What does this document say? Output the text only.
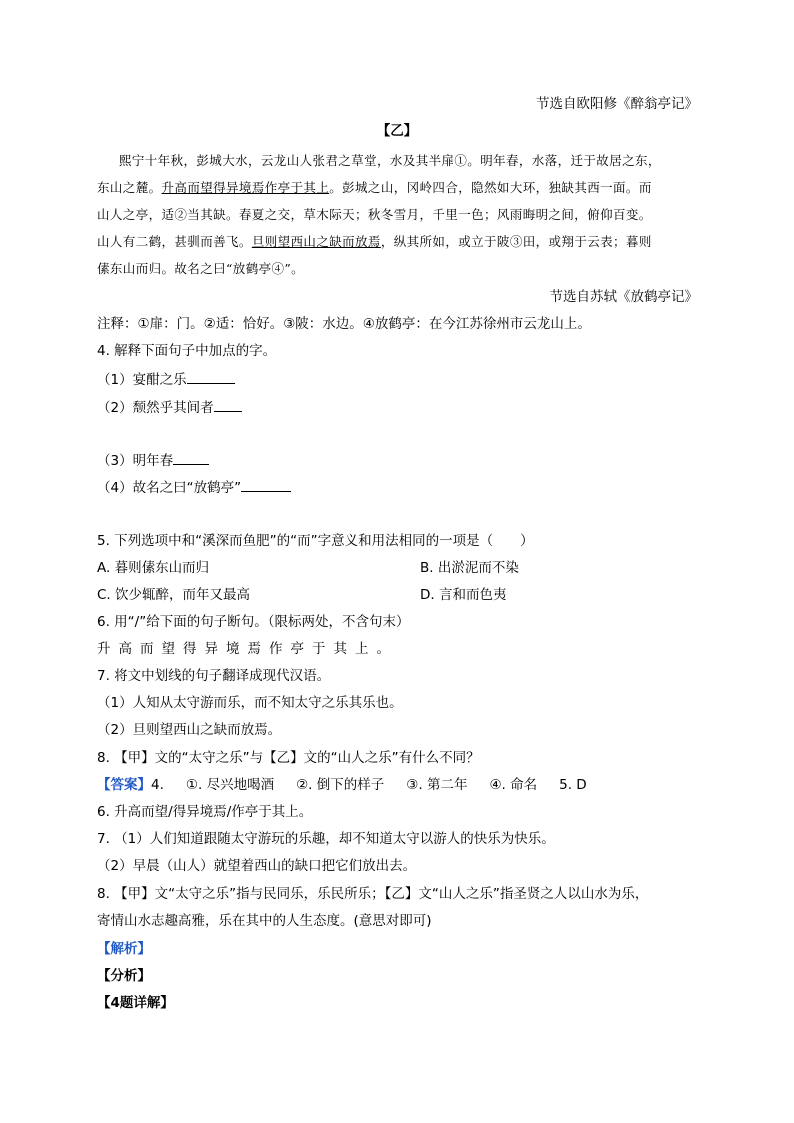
节选自欧阳修《醉翁亭记》
【乙】
熙宁十年秋，彭城大水，云龙山人张君之草堂，水及其半扉①。明年春，水落，迁于故居之东，
东山之麓。升高而望得异境焉作亭于其上。彭城之山，冈岭四合，隐然如大环，独缺其西一面。而
山人之亭，适②当其缺。春夏之交，草木际天；秋冬雪月，千里一色；风雨晦明之间，俯仰百变。
山人有二鹤，甚驯而善飞。旦则望西山之缺而放焉，纵其所如，或立于陂③田，或翔于云表；暮则
傃东山而归。故名之曰“放鹤亭④”。
节选自苏轼《放鹤亭记》
注释：①扉：门。②适：恰好。③陂：水边。④放鹤亭：在今江苏徐州市云龙山上。
4. 解释下面句子中加点的字。
（1）宴酣之乐
（2）颓然乎其间者
（3）明年春
（4）故名之曰“放鹤亭”
5. 下列选项中和“溪深而鱼肥”的“而”字意义和用法相同的一项是（　　）
A. 暮则傃东山而归	B. 出淤泥而不染
C. 饮少辄醉，而年又最高	D. 言和而色夷
6. 用“/”给下面的句子断句。（限标两处，不含句末）
升高而望得异境焉作亭于其上。
7. 将文中划线的句子翻译成现代汉语。
（1）人知从太守游而乐，而不知太守之乐其乐也。
（2）旦则望西山之缺而放焉。
8. 【甲】文的“太守之乐”与【乙】文的“山人之乐”有什么不同？
【答案】4. ①. 尽兴地喝酒 ②. 倒下的样子 ③. 第二年 ④. 命名 5. D
6. 升高而望/得异境焉/作亭于其上。
7. （1）人们知道跟随太守游玩的乐趣，却不知道太守以游人的快乐为快乐。
（2）早晨（山人）就望着西山的缺口把它们放出去。
8. 【甲】文“太守之乐”指与民同乐，乐民所乐；【乙】文“山人之乐”指圣贤之人以山水为乐，
寄情山水志趣高雅，乐在其中的人生态度。(意思对即可)
【解析】
【分析】
【4题详解】
